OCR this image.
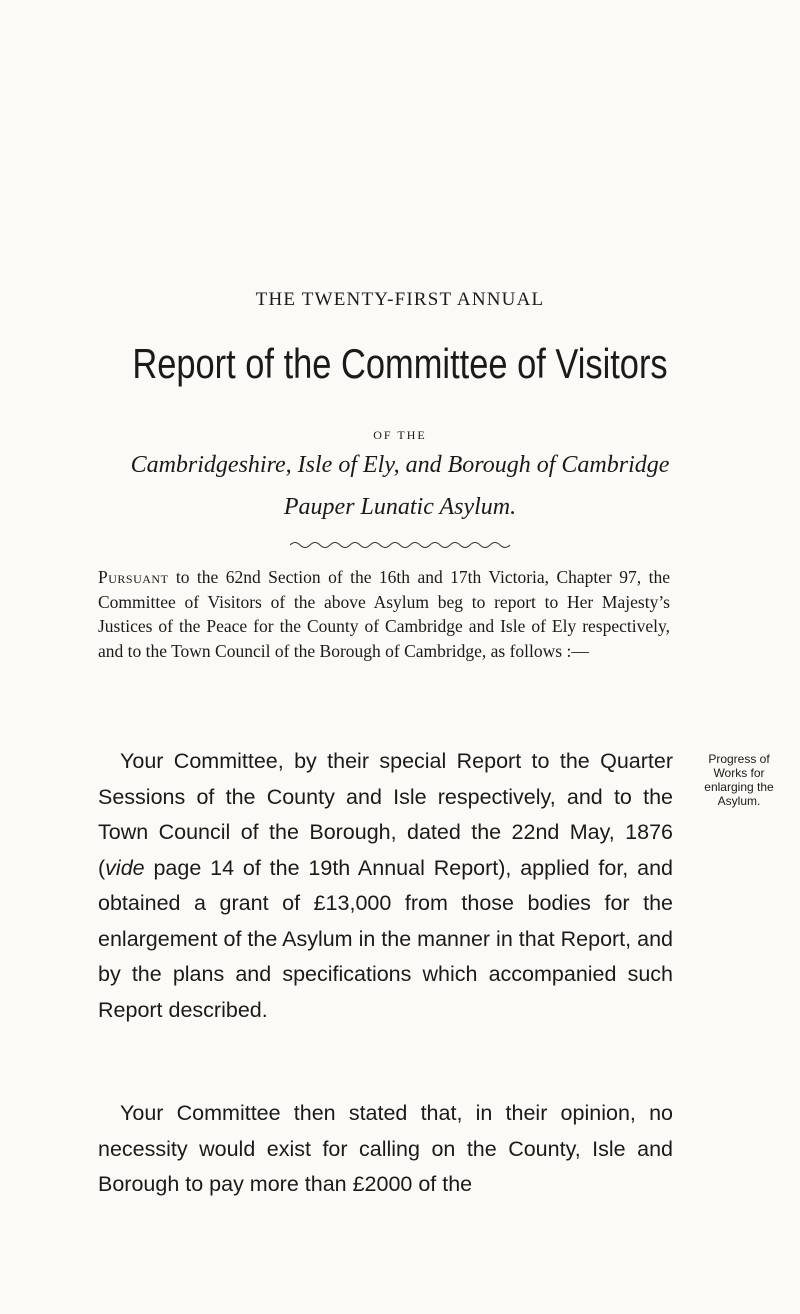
THE TWENTY-FIRST ANNUAL
Report of the Committee of Visitors
OF THE
Cambridgeshire, Isle of Ely, and Borough of Cambridge
Pauper Lunatic Asylum.
Pursuant to the 62nd Section of the 16th and 17th Victoria, Chapter 97, the Committee of Visitors of the above Asylum beg to report to Her Majesty’s Justices of the Peace for the County of Cambridge and Isle of Ely respectively, and to the Town Council of the Borough of Cambridge, as follows :—

Your Committee, by their special Report to the Quarter Sessions of the County and Isle respectively, and to the Town Council of the Borough, dated the 22nd May, 1876 (vide page 14 of the 19th Annual Report), applied for, and obtained a grant of £13,000 from those bodies for the enlargement of the Asylum in the manner in that Report, and by the plans and specifications which accompanied such Report described.

Your Committee then stated that, in their opinion, no necessity would exist for calling on the County, Isle and Borough to pay more than £2000 of the

Progress of
Works for
enlarging the
Asylum.
